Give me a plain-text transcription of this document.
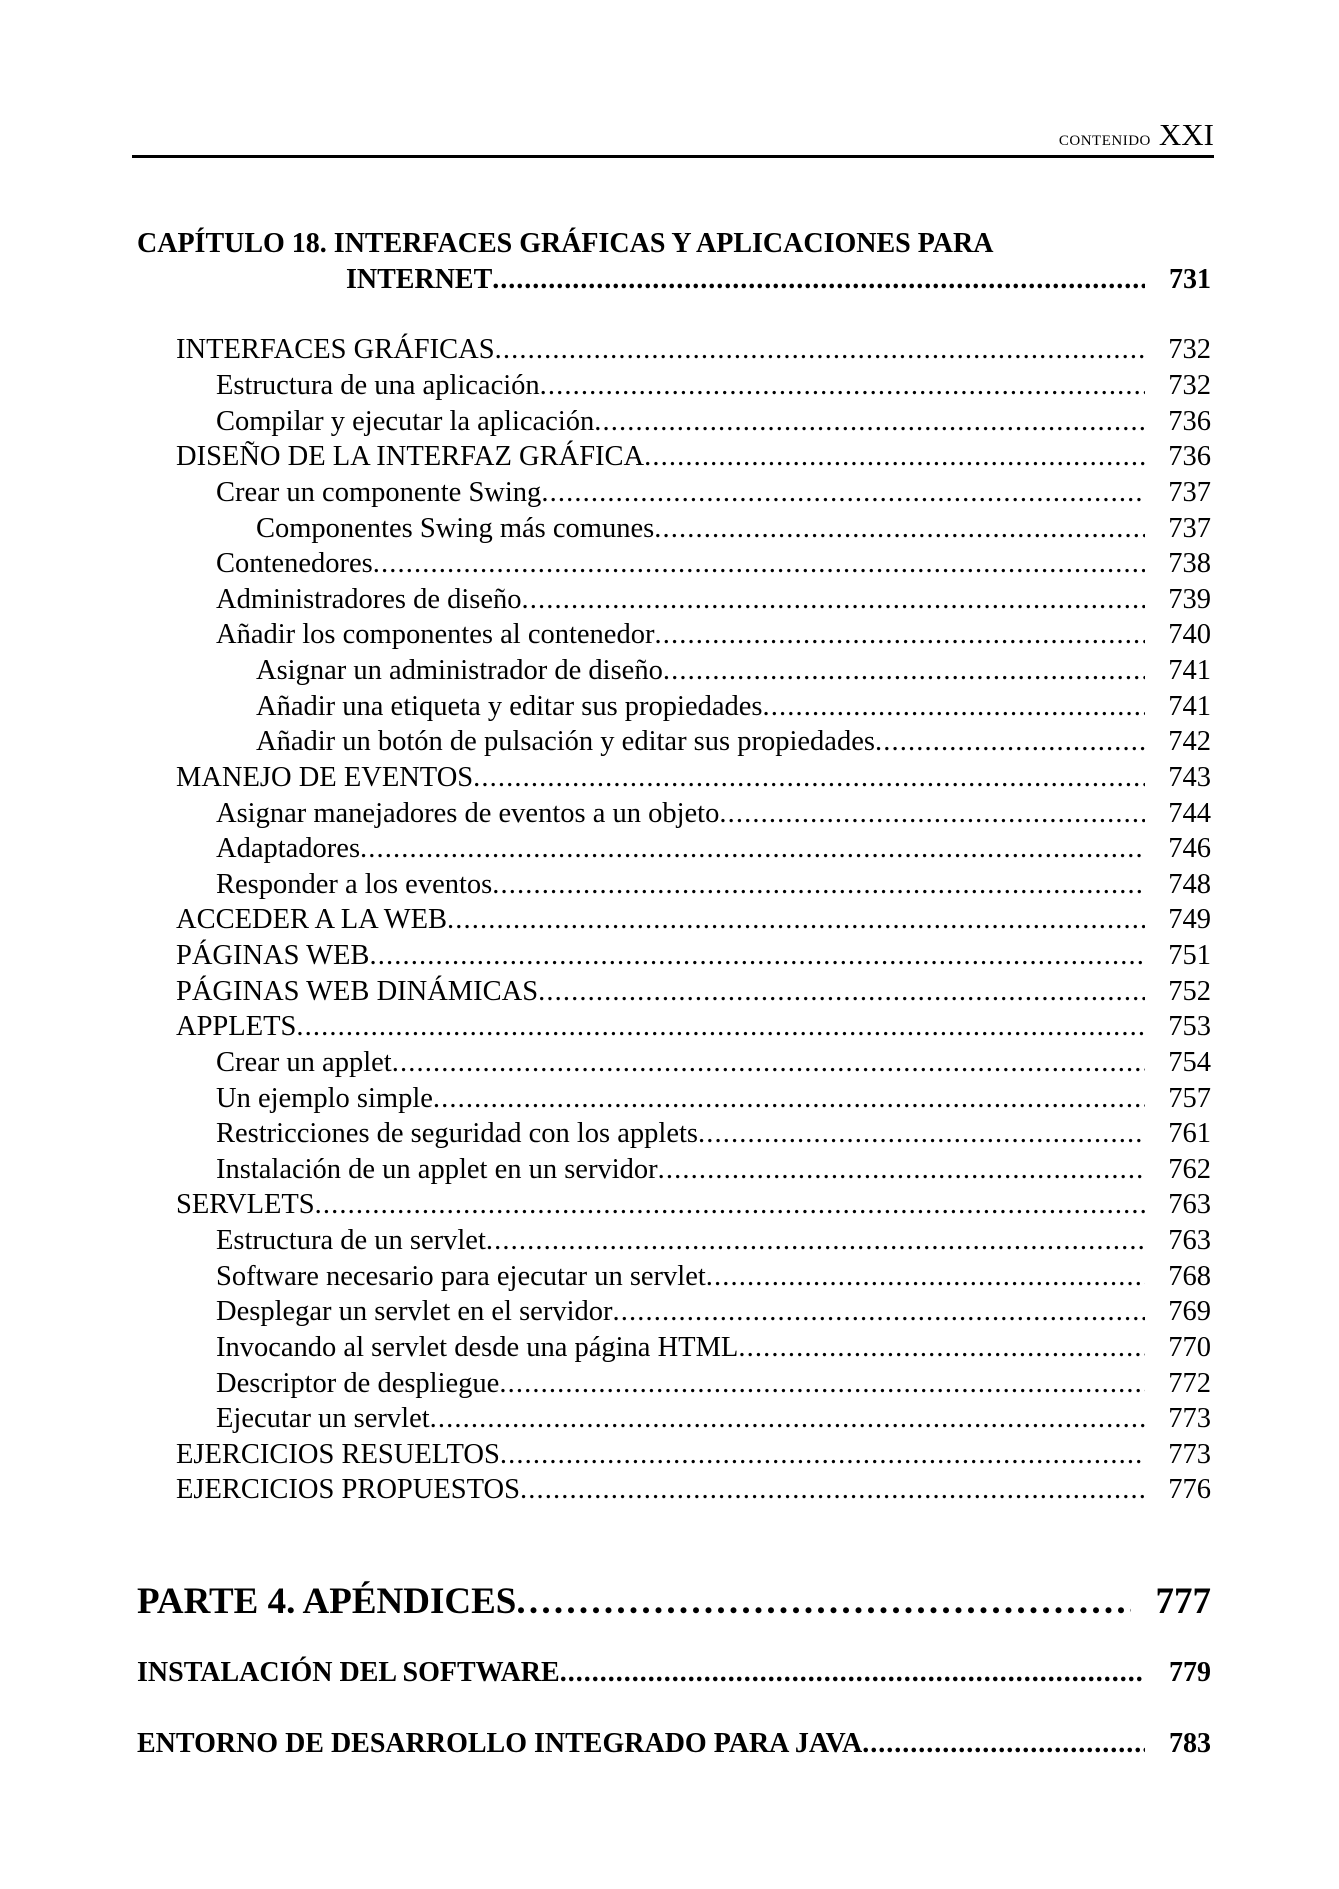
contenido XXI
CAPÍTULO 18. INTERFACES GRÁFICAS Y APLICACIONES PARA
INTERNET . . .	731
INTERFACES GRÁFICAS . . .	732
Estructura de una aplicación . . .	732
Compilar y ejecutar la aplicación . . .	736
DISEÑO DE LA INTERFAZ GRÁFICA . . .	736
Crear un componente Swing . . .	737
Componentes Swing más comunes . . .	737
Contenedores . . .	738
Administradores de diseño . . .	739
Añadir los componentes al contenedor . . .	740
Asignar un administrador de diseño . . .	741
Añadir una etiqueta y editar sus propiedades . . .	741
Añadir un botón de pulsación y editar sus propiedades . . .	742
MANEJO DE EVENTOS . . .	743
Asignar manejadores de eventos a un objeto . . .	744
Adaptadores . . .	746
Responder a los eventos . . .	748
ACCEDER A LA WEB . . .	749
PÁGINAS WEB . . .	751
PÁGINAS WEB DINÁMICAS . . .	752
APPLETS . . .	753
Crear un applet . . .	754
Un ejemplo simple . . .	757
Restricciones de seguridad con los applets . . .	761
Instalación de un applet en un servidor . . .	762
SERVLETS . . .	763
Estructura de un servlet . . .	763
Software necesario para ejecutar un servlet . . .	768
Desplegar un servlet en el servidor . . .	769
Invocando al servlet desde una página HTML . . .	770
Descriptor de despliegue . . .	772
Ejecutar un servlet . . .	773
EJERCICIOS RESUELTOS . . .	773
EJERCICIOS PROPUESTOS . . .	776
PARTE 4. APÉNDICES . . .	777
INSTALACIÓN DEL SOFTWARE . . .	779
ENTORNO DE DESARROLLO INTEGRADO PARA JAVA . . .	783
